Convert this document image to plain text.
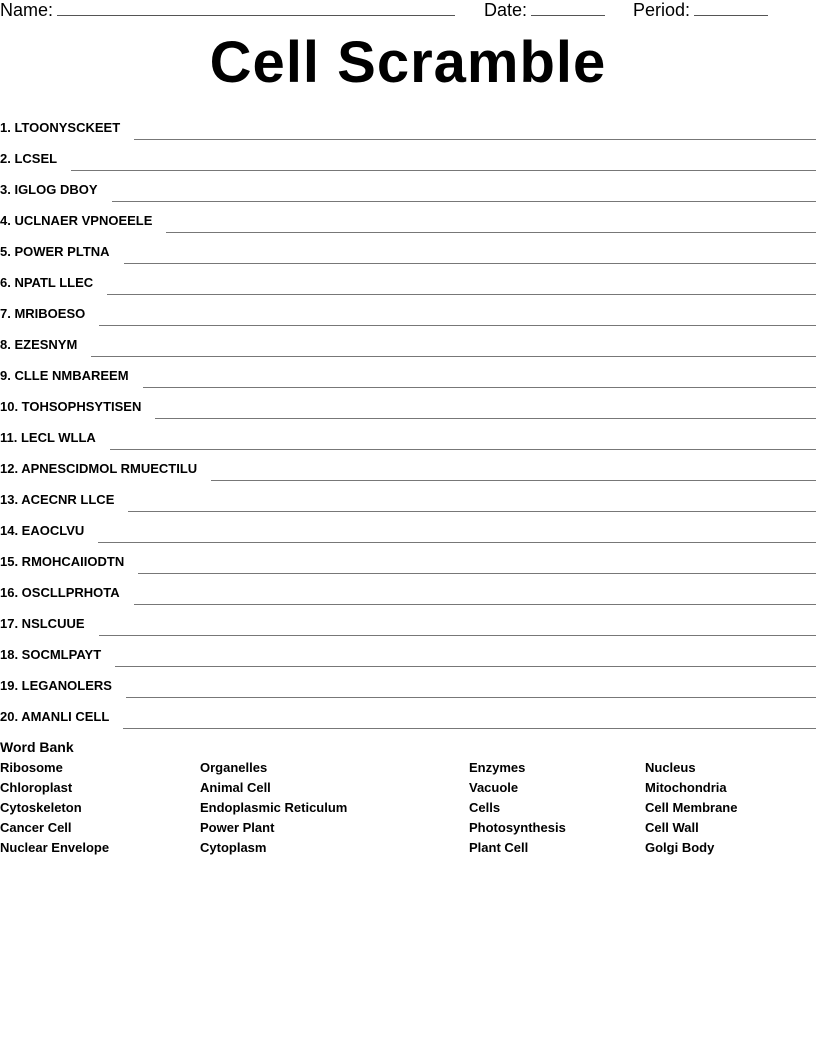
Name:	Date:	Period:
Cell Scramble
1. LTOONYSCKEET
2. LCSEL
3. IGLOG DBOY
4. UCLNAER VPNOEELE
5. POWER PLTNA
6. NPATL LLEC
7. MRIBOESO
8. EZESNYM
9. CLLE NMBAREEM
10. TOHSOPHSYTISEN
11. LECL WLLA
12. APNESCIDMOL RMUECTILU
13. ACECNR LLCE
14. EAOCLVU
15. RMOHCAIIODTN
16. OSCLLPRHOTA
17. NSLCUUE
18. SOCMLPAYT
19. LEGANOLERS
20. AMANLI CELL
Word Bank
Ribosome
Chloroplast
Cytoskeleton
Cancer Cell
Nuclear Envelope
Organelles
Animal Cell
Endoplasmic Reticulum
Power Plant
Cytoplasm
Enzymes
Vacuole
Cells
Photosynthesis
Plant Cell
Nucleus
Mitochondria
Cell Membrane
Cell Wall
Golgi Body
